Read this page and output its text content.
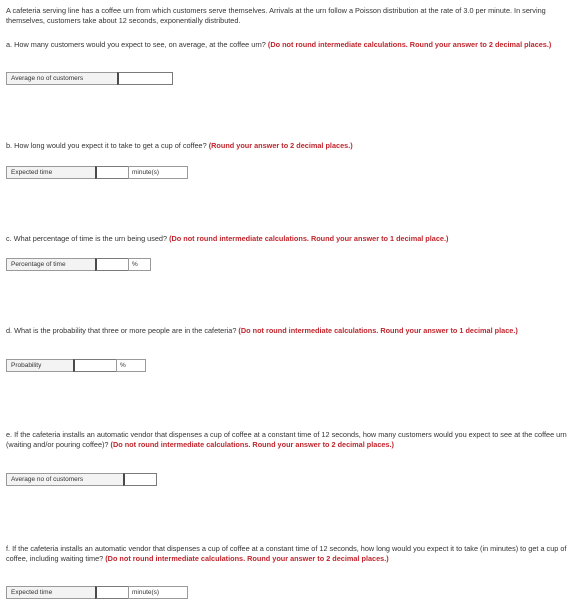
A cafeteria serving line has a coffee urn from which customers serve themselves. Arrivals at the urn follow a Poisson distribution at the rate of 3.0 per minute. In serving themselves, customers take about 12 seconds, exponentially distributed.
a. How many customers would you expect to see, on average, at the coffee urn? (Do not round intermediate calculations. Round your answer to 2 decimal places.)
Average no of customers
b. How long would you expect it to take to get a cup of coffee? (Round your answer to 2 decimal places.)
Expected time	minute(s)
c. What percentage of time is the urn being used? (Do not round intermediate calculations. Round your answer to 1 decimal place.)
Percentage of time	%
d. What is the probability that three or more people are in the cafeteria? (Do not round intermediate calculations. Round your answer to 1 decimal place.)
Probability	%
e. If the cafeteria installs an automatic vendor that dispenses a cup of coffee at a constant time of 12 seconds, how many customers would you expect to see at the coffee urn (waiting and/or pouring coffee)? (Do not round intermediate calculations. Round your answer to 2 decimal places.)
Average no of customers
f. If the cafeteria installs an automatic vendor that dispenses a cup of coffee at a constant time of 12 seconds, how long would you expect it to take (in minutes) to get a cup of coffee, including waiting time? (Do not round intermediate calculations. Round your answer to 2 decimal places.)
Expected time	minute(s)
